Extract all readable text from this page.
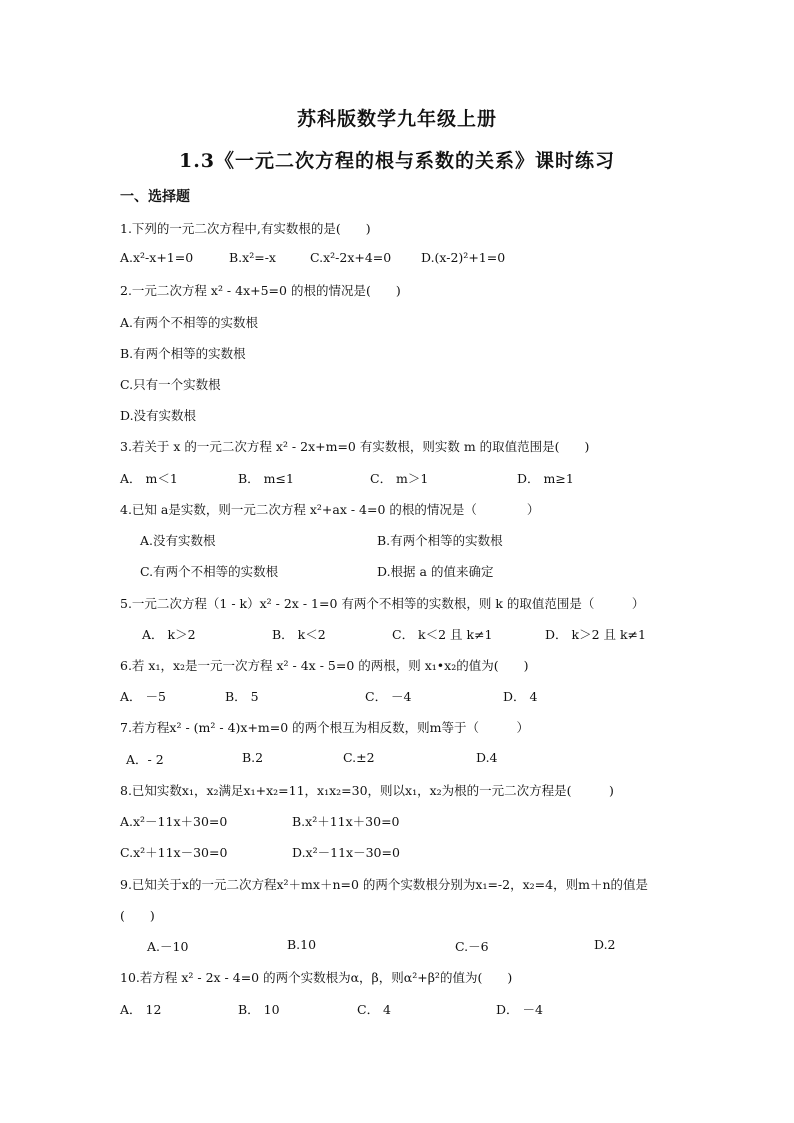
苏科版数学九年级上册
1.3《一元二次方程的根与系数的关系》课时练习
一、选择题
1.下列的一元二次方程中,有实数根的是(　　)
A.x²-x+1=0	B.x²=-x	C.x²-2x+4=0 D.(x-2)²+1=0
2.一元二次方程 x² - 4x+5=0 的根的情况是(　　)
A.有两个不相等的实数根
B.有两个相等的实数根
C.只有一个实数根
D.没有实数根
3.若关于 x 的一元二次方程 x² - 2x+m=0 有实数根，则实数 m 的取值范围是(　　)
A． m＜1	B． m≤1	C． m＞1	D． m≥1
4.已知 a是实数，则一元二次方程 x²+ax - 4=0 的根的情况是（　　　　）
A.没有实数根	B.有两个相等的实数根
C.有两个不相等的实数根	D.根据 a 的值来确定
5.一元二次方程（1 - k）x² - 2x - 1=0 有两个不相等的实数根，则 k 的取值范围是（　　　）
A． k＞2	B． k＜2	C． k＜2 且 k≠1	D． k＞2 且 k≠1
6.若 x₁，x₂是一元一次方程 x² - 4x - 5=0 的两根，则 x₁•x₂的值为(　　)
A． －5	B． 5	C． －4	D． 4
7.若方程x² - (m² - 4)x+m=0 的两个根互为相反数，则m等于（　　　）
A．- 2	B.2	C.±2	D.4
8.已知实数x₁，x₂满足x₁+x₂=11，x₁x₂=30，则以x₁，x₂为根的一元二次方程是(　　　)
A.x²－11x＋30=0	B.x²＋11x＋30=0
C.x²＋11x－30=0	D.x²－11x－30=0
9.已知关于x的一元二次方程x²＋mx＋n=0 的两个实数根分别为x₁=-2，x₂=4，则m＋n的值是
(　　)
A.－10	B.10	C.－6	D.2
10.若方程 x² - 2x - 4=0 的两个实数根为α，β，则α²+β²的值为(　　)
A． 12	B． 10	C． 4	D． －4
